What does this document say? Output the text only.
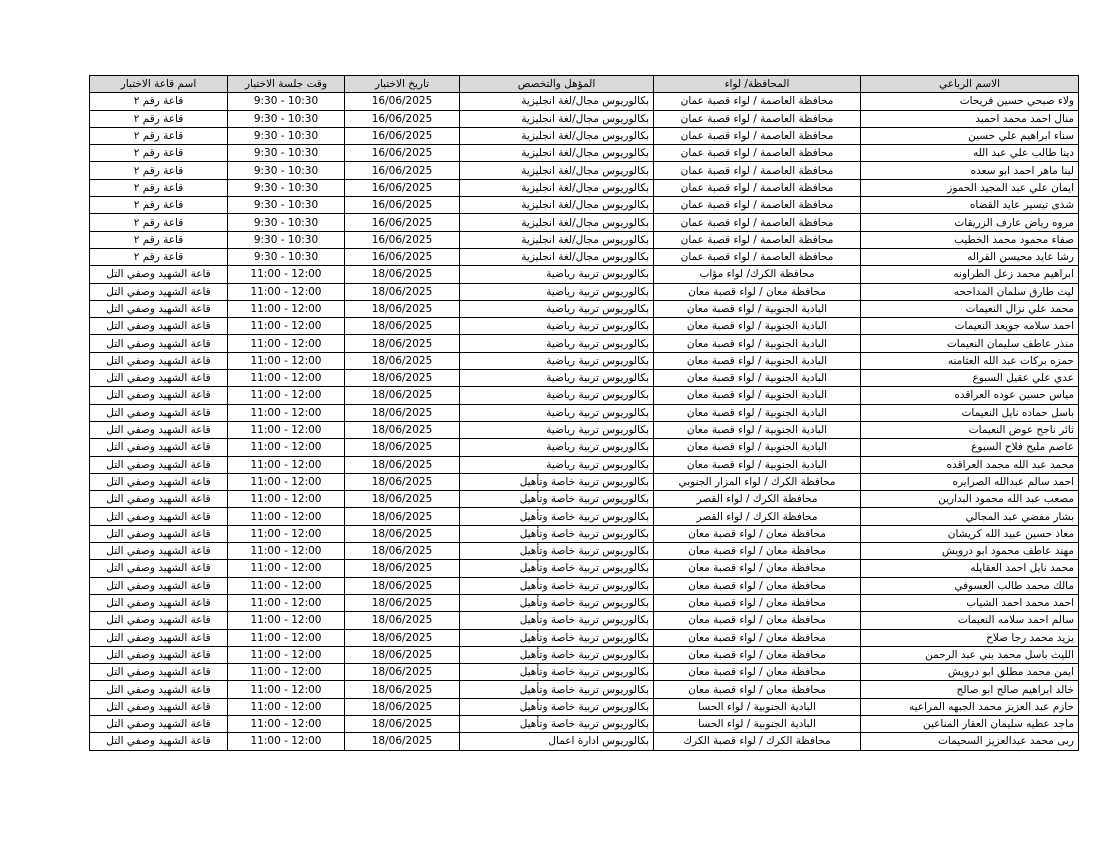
الاسم الرباعي	المحافظة/ لواء	المؤهل والتخصص	تاريخ الاختبار	وقت جلسة الاختبار	اسم قاعة الاختبار
ولاء صبحي حسين فريحات	محافظة العاصمة / لواء قصبة عمان	بكالوريوس مجال/لغة انجليزية	16/06/2025	9:30 - 10:30	قاعة رقم ٢
منال احمد محمد احميد	محافظة العاصمة / لواء قصبة عمان	بكالوريوس مجال/لغة انجليزية	16/06/2025	9:30 - 10:30	قاعة رقم ٢
سناء ابراهيم علي حسين	محافظة العاصمة / لواء قصبة عمان	بكالوريوس مجال/لغة انجليزية	16/06/2025	9:30 - 10:30	قاعة رقم ٢
دينا طالب علي عبد الله	محافظة العاصمة / لواء قصبة عمان	بكالوريوس مجال/لغة انجليزية	16/06/2025	9:30 - 10:30	قاعة رقم ٢
لينا ماهر احمد ابو سعده	محافظة العاصمة / لواء قصبة عمان	بكالوريوس مجال/لغة انجليزية	16/06/2025	9:30 - 10:30	قاعة رقم ٢
ايمان علي عبد المجيد الحموز	محافظة العاصمة / لواء قصبة عمان	بكالوريوس مجال/لغة انجليزية	16/06/2025	9:30 - 10:30	قاعة رقم ٢
شذى تيسير عايد القضاه	محافظة العاصمة / لواء قصبة عمان	بكالوريوس مجال/لغة انجليزية	16/06/2025	9:30 - 10:30	قاعة رقم ٢
مروه رياض عارف الزريقات	محافظة العاصمة / لواء قصبة عمان	بكالوريوس مجال/لغة انجليزية	16/06/2025	9:30 - 10:30	قاعة رقم ٢
صفاء محمود محمد الخطيب	محافظة العاصمة / لواء قصبة عمان	بكالوريوس مجال/لغة انجليزية	16/06/2025	9:30 - 10:30	قاعة رقم ٢
رشا عايد محيسن القراله	محافظة العاصمة / لواء قصبة عمان	بكالوريوس مجال/لغة انجليزية	16/06/2025	9:30 - 10:30	قاعة رقم ٢
ابراهيم محمد زعل الطراونه	محافظة الكرك/ لواء مؤاب	بكالوريوس تربية رياضية	18/06/2025	11:00 - 12:00	قاعة الشهيد وصفي التل
ليث طارق سلمان المداححه	محافظة معان / لواء قصبة معان	بكالوريوس تربية رياضية	18/06/2025	11:00 - 12:00	قاعة الشهيد وصفي التل
محمد علي نزال النعيمات	البادية الجنوبية / لواء قصبة معان	بكالوريوس تربية رياضية	18/06/2025	11:00 - 12:00	قاعة الشهيد وصفي التل
احمد سلامه جويعد النعيمات	البادية الجنوبية / لواء قصبة معان	بكالوريوس تربية رياضية	18/06/2025	11:00 - 12:00	قاعة الشهيد وصفي التل
منذر عاطف سليمان النعيمات	البادية الجنوبية / لواء قصبة معان	بكالوريوس تربية رياضية	18/06/2025	11:00 - 12:00	قاعة الشهيد وصفي التل
حمزه بركات عبد الله العثامنه	البادية الجنوبية / لواء قصبة معان	بكالوريوس تربية رياضية	18/06/2025	11:00 - 12:00	قاعة الشهيد وصفي التل
عدي علي عقيل السبوع	البادية الجنوبية / لواء قصبة معان	بكالوريوس تربية رياضية	18/06/2025	11:00 - 12:00	قاعة الشهيد وصفي التل
مياس حسين عوده العراقده	البادية الجنوبية / لواء قصبة معان	بكالوريوس تربية رياضية	18/06/2025	11:00 - 12:00	قاعة الشهيد وصفي التل
باسل حماده نايل النعيمات	البادية الجنوبية / لواء قصبة معان	بكالوريوس تربية رياضية	18/06/2025	11:00 - 12:00	قاعة الشهيد وصفي التل
ثائر ناجح عوض النعيمات	البادية الجنوبية / لواء قصبة معان	بكالوريوس تربية رياضية	18/06/2025	11:00 - 12:00	قاعة الشهيد وصفي التل
عاصم مليح فلاح السبوع	البادية الجنوبية / لواء قصبة معان	بكالوريوس تربية رياضية	18/06/2025	11:00 - 12:00	قاعة الشهيد وصفي التل
محمد عبد الله محمد العراقده	البادية الجنوبية / لواء قصبة معان	بكالوريوس تربية رياضية	18/06/2025	11:00 - 12:00	قاعة الشهيد وصفي التل
احمد سالم عبدالله الصرايره	محافظة الكرك / لواء المزار الجنوبي	بكالوريوس تربية خاصة وتأهيل	18/06/2025	11:00 - 12:00	قاعة الشهيد وصفي التل
مصعب عبد الله محمود البدارين	محافظة الكرك / لواء القصر	بكالوريوس تربية خاصة وتأهيل	18/06/2025	11:00 - 12:00	قاعة الشهيد وصفي التل
بشار مفضي عبد المجالي	محافظة الكرك / لواء القصر	بكالوريوس تربية خاصة وتأهيل	18/06/2025	11:00 - 12:00	قاعة الشهيد وصفي التل
معاذ حسين عبيد الله كريشان	محافظة معان / لواء قصبة معان	بكالوريوس تربية خاصة وتأهيل	18/06/2025	11:00 - 12:00	قاعة الشهيد وصفي التل
مهند عاطف محمود ابو درويش	محافظة معان / لواء قصبة معان	بكالوريوس تربية خاصة وتأهيل	18/06/2025	11:00 - 12:00	قاعة الشهيد وصفي التل
محمد نايل احمد العقايله	محافظة معان / لواء قصبة معان	بكالوريوس تربية خاصة وتأهيل	18/06/2025	11:00 - 12:00	قاعة الشهيد وصفي التل
مالك محمد طالب العسوفي	محافظة معان / لواء قصبة معان	بكالوريوس تربية خاصة وتأهيل	18/06/2025	11:00 - 12:00	قاعة الشهيد وصفي التل
احمد محمد احمد الشياب	محافظة معان / لواء قصبة معان	بكالوريوس تربية خاصة وتأهيل	18/06/2025	11:00 - 12:00	قاعة الشهيد وصفي التل
سالم احمد سلامه النعيمات	محافظة معان / لواء قصبة معان	بكالوريوس تربية خاصة وتأهيل	18/06/2025	11:00 - 12:00	قاعة الشهيد وصفي التل
يزيد محمد رجا صلاح	محافظة معان / لواء قصبة معان	بكالوريوس تربية خاصة وتأهيل	18/06/2025	11:00 - 12:00	قاعة الشهيد وصفي التل
الليث باسل محمد بني عبد الرحمن	محافظة معان / لواء قصبة معان	بكالوريوس تربية خاصة وتأهيل	18/06/2025	11:00 - 12:00	قاعة الشهيد وصفي التل
ايمن محمد مطلق ابو درويش	محافظة معان / لواء قصبة معان	بكالوريوس تربية خاصة وتأهيل	18/06/2025	11:00 - 12:00	قاعة الشهيد وصفي التل
خالد ابراهيم صالح ابو صالح	محافظة معان / لواء قصبة معان	بكالوريوس تربية خاصة وتأهيل	18/06/2025	11:00 - 12:00	قاعة الشهيد وصفي التل
حازم عبد العزيز محمد الجبهه المراعيه	البادية الجنوبية / لواء الحسا	بكالوريوس تربية خاصة وتأهيل	18/06/2025	11:00 - 12:00	قاعة الشهيد وصفي التل
ماجد عطيه سليمان العقار المناعين	البادية الجنوبية / لواء الحسا	بكالوريوس تربية خاصة وتأهيل	18/06/2025	11:00 - 12:00	قاعة الشهيد وصفي التل
ربى محمد عبدالعزيز السحيمات	محافظة الكرك / لواء قصبة الكرك	بكالوريوس ادارة اعمال	18/06/2025	11:00 - 12:00	قاعة الشهيد وصفي التل
